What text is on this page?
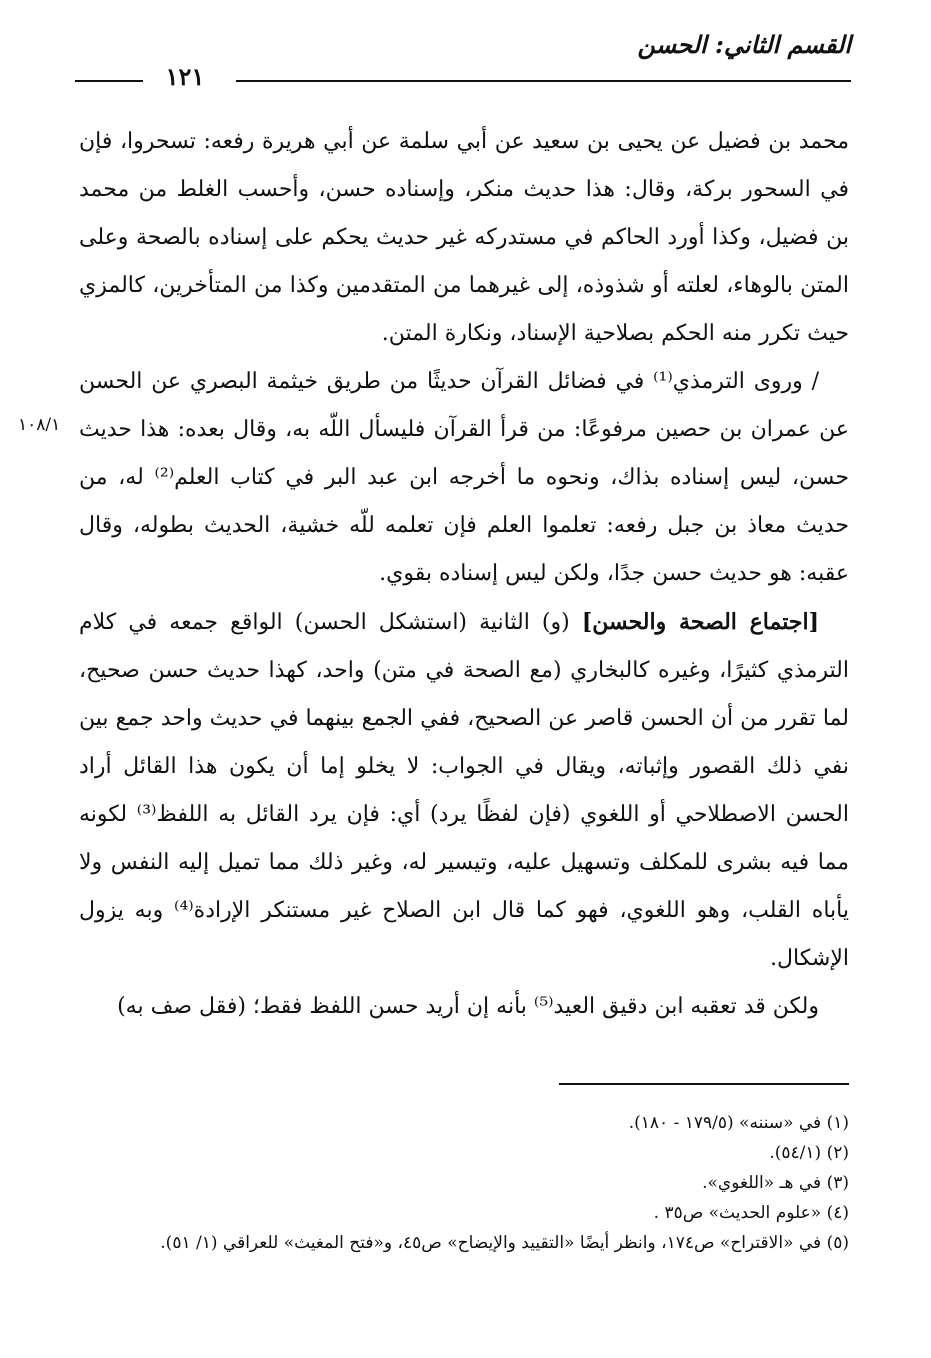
القسم الثاني: الحسن
١٢١
١٠٨/١

محمد بن فضيل عن يحيى بن سعيد عن أبي سلمة عن أبي هريرة رفعه: تسحروا، فإن في السحور بركة، وقال: هذا حديث منكر، وإسناده حسن، وأحسب الغلط من محمد بن فضيل، وكذا أورد الحاكم في مستدركه غير حديث يحكم على إسناده بالصحة وعلى المتن بالوهاء، لعلته أو شذوذه، إلى غيرهما من المتقدمين وكذا من المتأخرين، كالمزي حيث تكرر منه الحكم بصلاحية الإسناد، ونكارة المتن.

/ وروى الترمذي⁽¹⁾ في فضائل القرآن حديثًا من طريق خيثمة البصري عن الحسن عن عمران بن حصين مرفوعًا: من قرأ القرآن فليسأل اللّه به، وقال بعده: هذا حديث حسن، ليس إسناده بذاك، ونحوه ما أخرجه ابن عبد البر في كتاب العلم⁽²⁾ له، من حديث معاذ بن جبل رفعه: تعلموا العلم فإن تعلمه للّه خشية، الحديث بطوله، وقال عقبه: هو حديث حسن جدًا، ولكن ليس إسناده بقوي.

[اجتماع الصحة والحسن] (و) الثانية (استشكل الحسن) الواقع جمعه في كلام الترمذي كثيرًا، وغيره كالبخاري (مع الصحة في متن) واحد، كهذا حديث حسن صحيح، لما تقرر من أن الحسن قاصر عن الصحيح، ففي الجمع بينهما في حديث واحد جمع بين نفي ذلك القصور وإثباته، ويقال في الجواب: لا يخلو إما أن يكون هذا القائل أراد الحسن الاصطلاحي أو اللغوي (فإن لفظًا يرد) أي: فإن يرد القائل به اللفظ⁽³⁾ لكونه مما فيه بشرى للمكلف وتسهيل عليه، وتيسير له، وغير ذلك مما تميل إليه النفس ولا يأباه القلب، وهو اللغوي، فهو كما قال ابن الصلاح غير مستنكر الإرادة⁽⁴⁾ وبه يزول الإشكال.

ولكن قد تعقبه ابن دقيق العيد⁽⁵⁾ بأنه إن أريد حسن اللفظ فقط؛ (فقل صف به)

(١) في «سننه» (١٧٩/٥ - ١٨٠).

(٢) (٥٤/١).

(٣) في هـ «اللغوي».

(٤) «علوم الحديث» ص٣٥ .

(٥) في «الاقتراح» ص١٧٤، وانظر أيضًا «التقييد والإيضاح» ص٤٥، و«فتح المغيث» للعراقي (١/ ٥١).
